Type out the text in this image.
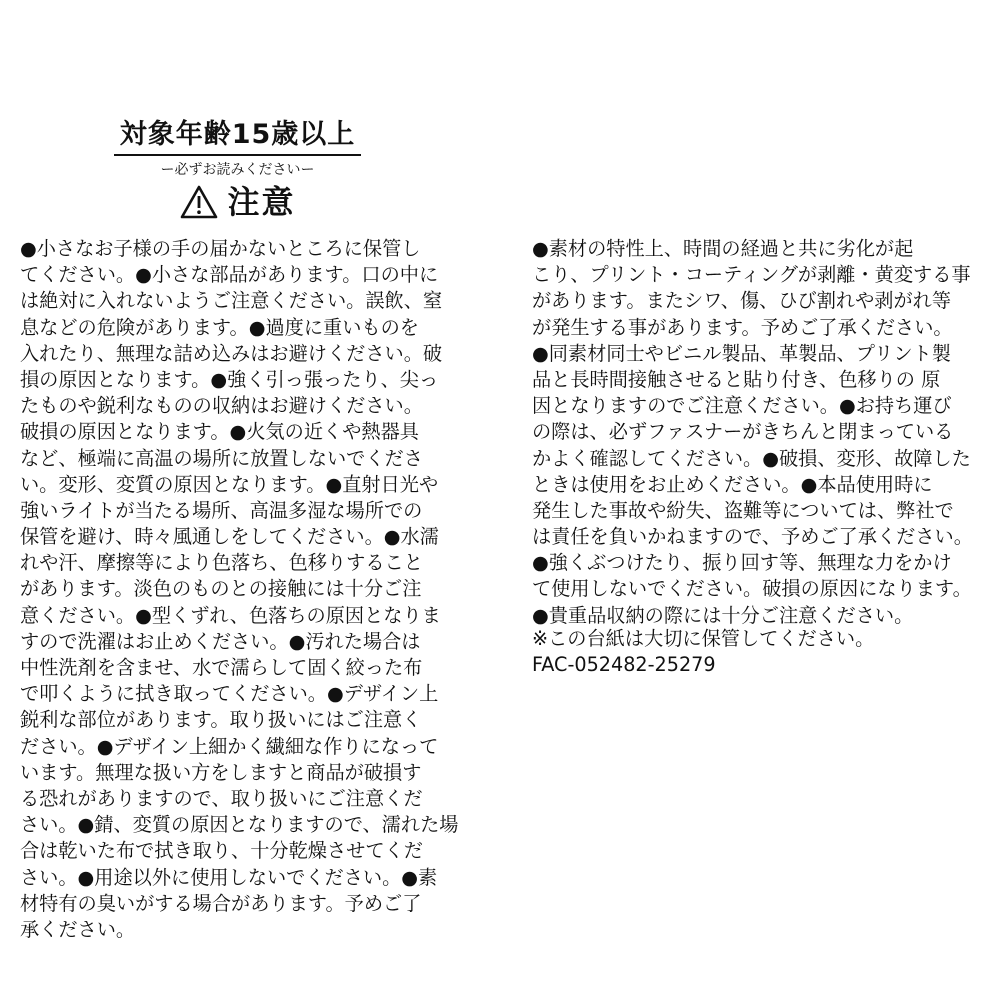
対象年齢15歳以上
ー必ずお読みくださいー
注意
●小さなお子様の手の届かないところに保管し
てください。●小さな部品があります。口の中に
は絶対に入れないようご注意ください。誤飲、窒
息などの危険があります。●過度に重いものを
入れたり、無理な詰め込みはお避けください。破
損の原因となります。●強く引っ張ったり、尖っ
たものや鋭利なものの収納はお避けください。
破損の原因となります。●火気の近くや熱器具
など、極端に高温の場所に放置しないでくださ
い。変形、変質の原因となります。●直射日光や
強いライトが当たる場所、高温多湿な場所での
保管を避け、時々風通しをしてください。●水濡
れや汗、摩擦等により色落ち、色移りすること
があります。淡色のものとの接触には十分ご注
意ください。●型くずれ、色落ちの原因となりま
すので洗濯はお止めください。●汚れた場合は
中性洗剤を含ませ、水で濡らして固く絞った布
で叩くように拭き取ってください。●デザイン上
鋭利な部位があります。取り扱いにはご注意く
ださい。●デザイン上細かく繊細な作りになって
います。無理な扱い方をしますと商品が破損す
る恐れがありますので、取り扱いにご注意くだ
さい。●錆、変質の原因となりますので、濡れた場
合は乾いた布で拭き取り、十分乾燥させてくだ
さい。●用途以外に使用しないでください。●素
材特有の臭いがする場合があります。予めご了
承ください。
●素材の特性上、時間の経過と共に劣化が起
こり、プリント・コーティングが剥離・黄変する事
があります。またシワ、傷、ひび割れや剥がれ等
が発生する事があります。予めご了承ください。
●同素材同士やビニル製品、革製品、プリント製
品と長時間接触させると貼り付き、色移りの 原
因となりますのでご注意ください。●お持ち運び
の際は、必ずファスナーがきちんと閉まっている
かよく確認してください。●破損、変形、故障した
ときは使用をお止めください。●本品使用時に
発生した事故や紛失、盗難等については、弊社で
は責任を負いかねますので、予めご了承ください。
●強くぶつけたり、振り回す等、無理な力をかけ
て使用しないでください。破損の原因になります。
●貴重品収納の際には十分ご注意ください。
※この台紙は大切に保管してください。
FAC-052482-25279
